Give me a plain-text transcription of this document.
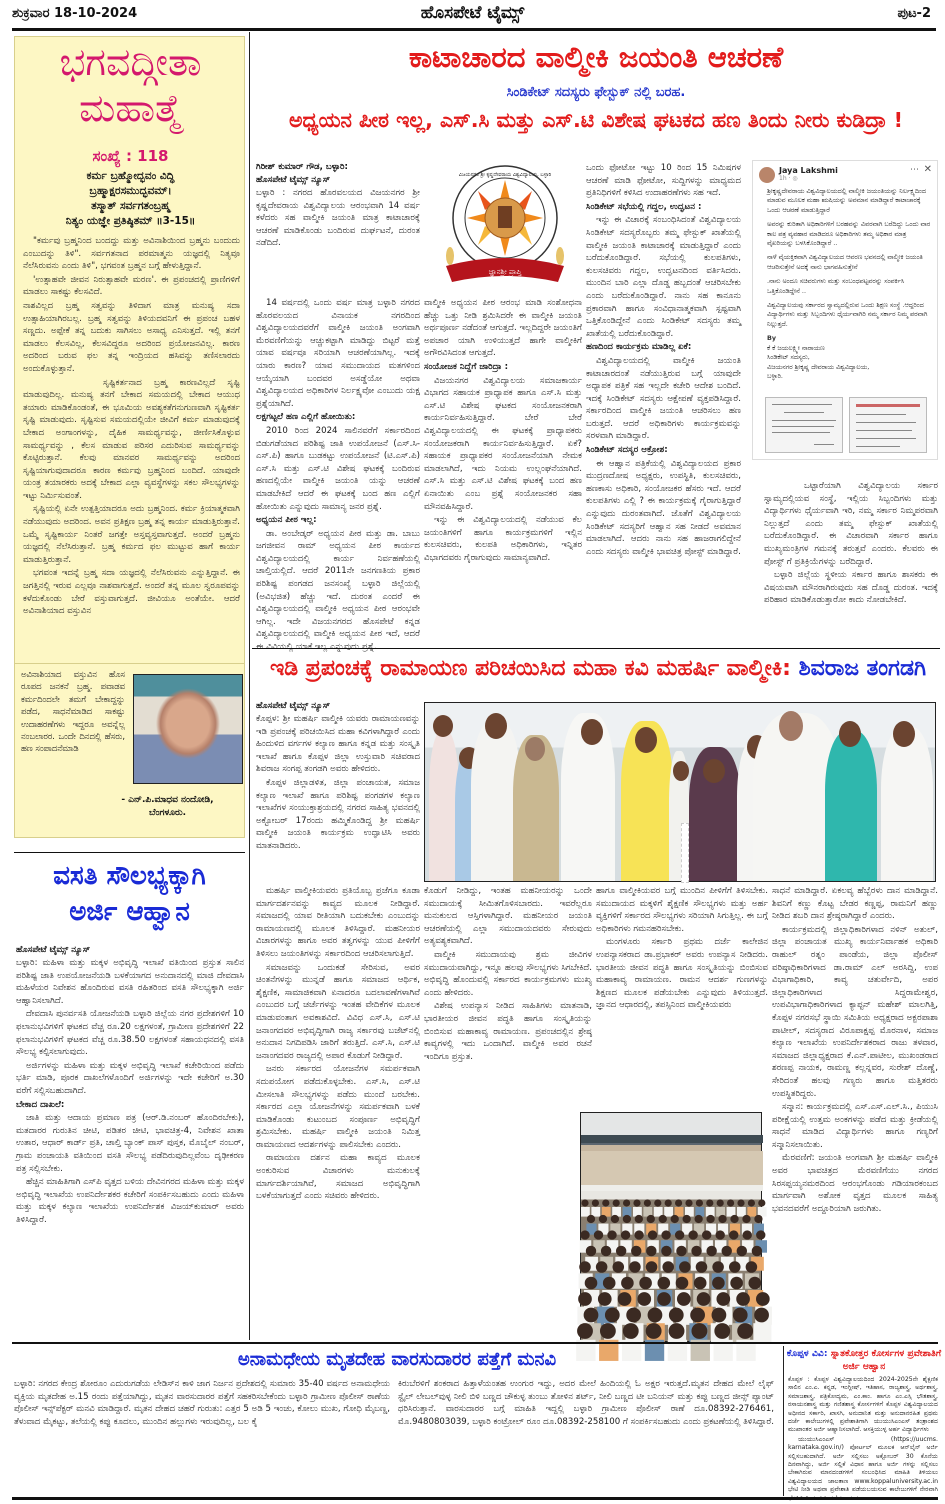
ಶುಕ್ರವಾರ 18-10-2024	ಹೊಸಪೇಟೆ ಟೈಮ್ಸ್	ಪುಟ-2
ಭಗವದ್ಗೀತಾ
ಮಹಾತ್ಮೆ
ಸಂಖ್ಯೆ : 118
ಕರ್ಮ ಬ್ರಹ್ಮೋದ್ಭವಂ ವಿದ್ಧಿ
ಬ್ರಹ್ಮಾಕ್ಷರಸಮುದ್ಭವಮ್।
ತಸ್ಮಾತ್ ಸರ್ವಗತಂಬ್ರಹ್ಮ
ನಿತ್ಯಂ ಯಜ್ಞೇ ಪ್ರತಿಷ್ಠಿತಮ್ ॥3-15॥

"ಕರ್ಮವು ಬ್ರಹ್ಮನಿಂದ ಬಂದದ್ದು ಮತ್ತು ಅವಿನಾಶಿಯಿಂದ ಬ್ರಹ್ಮನು ಬಂದುದು ಎಂಬುದನ್ನು ತಿಳಿ". ಸರ್ವಗತನಾದ ಪರಮಾತ್ಮನು ಯಜ್ಞದಲ್ಲಿ ನಿತ್ಯವೂ ನೆಲೆಸಿರುವನು ಎಂದು ತಿಳಿ", ಭಗವಂತ ಬ್ರಹ್ಮನ ಬಗ್ಗೆ ಹೇಳುತ್ತಿದ್ದಾನೆ.

'ಉತ್ಸಾಹವೇ ಜೀವನ ನಿರುತ್ಸಾಹವೇ ಮರಣ'. ಈ ಪ್ರಪಂಚದಲ್ಲಿ ಪ್ರಾಣಿಗಳಿಗೆ ಮಾಡಲು ಸಾಕಷ್ಟು ಕೆಲಸವಿದೆ.

ನಾಶವಿಲ್ಲದ ಬ್ರಹ್ಮ ಸತ್ವವನ್ನು ತಿಳಿದಾಗ ಮಾತ್ರ ಮನುಷ್ಯ ಸದಾ ಉತ್ಸಾಹಿಯಾಗಿರಬಲ್ಲ. ಬ್ರಹ್ಮ ಸತ್ವವನ್ನು ತಿಳಿಯದವನಿಗೆ ಈ ಪ್ರಪಂಚ ಬಹಳ ಸಣ್ಣದು. ಅಪ್ಪೇಕೆ ತನ್ನ ಬದುಕು ಸಾಗಿಸಲು ಅಸಾಧ್ಯ ಎನಿಸುತ್ತದೆ. ಇಲ್ಲಿ ತನಗೆ ಮಾಡಲು ಕೆಲಸವಿಲ್ಲ, ಕೆಲಸವಿದ್ದರೂ ಅದರಿಂದ ಪ್ರಯೋಜನವಿಲ್ಲ. ಕಾರಣ ಅದರಿಂದ ಬರುವ ಫಲ ತನ್ನ ಇಂದ್ರಿಯದ ಹಸಿವನ್ನು ತಣಿಸಲಾರದು ಅಂದುಕೊಳ್ಳುತ್ತಾನೆ.

ಸೃಷ್ಟಿಕರ್ತನಾದ ಬ್ರಹ್ಮ ಕಾರಣವಿಲ್ಲದೆ ಸೃಷ್ಟಿ ಮಾಡುವುದಿಲ್ಲ. ಮನುಷ್ಯ ತನಗೆ ಬೇಕಾದ ಸಮಯದಲ್ಲಿ ಬೇಕಾದ ಆಯುಧ ತಯಾರು ಮಾಡಿಕೊಂಡಂತೆ, ಈ ಭೂಮಿಯ ಅವಶ್ಯಕತೆಗನುಗುಣವಾಗಿ ಸೃಷ್ಟಿಕರ್ತ ಸೃಷ್ಟಿ ಮಾಡುವುದು. ಸೃಷ್ಟಿಸುವ ಸಮಯದಲ್ಲಿಯೇ ಜೀವಿಗೆ ಕರ್ಮ ಮಾಡುವುದಕ್ಕೆ ಬೇಕಾದ ಅಂಗಾಂಗಳನ್ನು, ದೈಹಿಕ ಸಾಮರ್ಥ್ಯವನ್ನು, ಜೀರ್ಣಿಸಿಕೊಳ್ಳುವ ಸಾಮರ್ಥ್ಯವನ್ನು , ಕೆಲಸ ಮಾಡುವ ಪರಿಸರ ಎದುರಿಸುವ ಸಾಮರ್ಥ್ಯವನ್ನು ಕೊಟ್ಟಿರುತ್ತಾನೆ. ಕೆಲವು ಮಾನವರ ಸಾಮರ್ಥ್ಯವನ್ನು ಅದರಿಂದ ಸೃಷ್ಟಿಯಾಗುವುದಾದರೂ ಕಾರಣ ಕರ್ಮವು ಬ್ರಹ್ಮನಿಂದ ಬಂದಿದೆ. ಯಾವುದೇ ಯಂತ್ರ ತಯಾರಕರು ಅದಕ್ಕೆ ಬೇಕಾದ ಎಲ್ಲಾ ವ್ಯವಸ್ಥೆಗಳನ್ನು ಸಕಲ ಸೌಲಭ್ಯಗಳನ್ನು ಇಟ್ಟು ನಿರ್ಮಿಸುವಂತೆ.

ಸೃಷ್ಟಿಯಲ್ಲಿ ಏನೇ ಉತ್ಪತ್ತಿಯಾದರೂ ಅದು ಬ್ರಹ್ಮನಿಂದ. ಕರ್ಮ ಕ್ರಿಯಾತ್ಮಕವಾಗಿ ನಡೆಯುವುದು ಅದರಿಂದ. ಅವನ ಪ್ರತಿಕ್ಷಣ ಬ್ರಹ್ಮ ತನ್ನ ಕಾರ್ಯ ಮಾಡುತ್ತಿರುತ್ತಾನೆ. ಒಮ್ಮೆ ಸೃಷ್ಟಿಕಾರ್ಯ ನಿಂತರೆ ಜಗತ್ತೇ ಅಸ್ತವ್ಯಸ್ತವಾಗುತ್ತದೆ. ಅಂದರೆ ಬ್ರಹ್ಮನು ಯಜ್ಞದಲ್ಲಿ ನೆಲೆಸಿರುತ್ತಾನೆ. ಬ್ರಹ್ಮ ಕರ್ಮದ ಫಲ ಮುಟ್ಟುವ ಹಾಗೆ ಕಾರ್ಯ ಮಾಡುತ್ತಿರುತ್ತಾನೆ.

ಭಗವಂತ ಇದನ್ನೆ ಬ್ರಹ್ಮ ಸದಾ ಯಜ್ಞದಲ್ಲಿ ನೆಲೆಸಿರುವನು ಎನ್ನುತ್ತಿದ್ದಾನೆ. ಈ ಜಗತ್ತಿನಲ್ಲಿ ಇರುವ ಎಲ್ಲವೂ ನಾಶವಾಗುತ್ತದೆ. ಅಂದರೆ ತನ್ನ ಮೂಲ ಸ್ವರೂಪವನ್ನು ಕಳೆದುಕೊಂಡು ಬೇರೆ ವಸ್ತುವಾಗುತ್ತದೆ. ಜೀವಿಯೂ ಅಂತೆಯೇ. ಆದರೆ ಅವಿನಾಶಿಯಾದ ವಸ್ತುವಿನ

ಅವಿನಾಶಿಯಾದ ವಸ್ತುವಿನ ಹೊಸ ರೂಪದ ಜನಕನೆ ಬ್ರಹ್ಮ. ಪವಾಡವ ಕರ್ಮದಿಂದಲೇ ತಮಗೆ ಬೇಕಾದ್ದನ್ನು ಪಡೆದ, ಸಾಧನೆಮಾಡಿದ ಸಾಕಷ್ಟು ಉದಾಹರಣೆಗಳು ಇದ್ದರೂ ಅವನ್ನೆಲ್ಲ ನಂಬಲಾರರ. ಒಂದೇ ದಿನದಲ್ಲಿ ಹೆಸರು, ಹಣ ಸಂಪಾದನೆಮಾಡಿ
- ಎನ್.ಪಿ.ಮಾಧವ ನಂದೋಡಿ,
ಬೆಂಗಳೂರು.
ವಸತಿ ಸೌಲಭ್ಯಕ್ಕಾಗಿ
ಅರ್ಜಿ ಆಹ್ವಾನ
ಹೊಸಪೇಟೆ ಟೈಮ್ಸ್ ನ್ಯೂಸ್

ಬಳ್ಳಾರಿ: ಮಹಿಳಾ ಮತ್ತು ಮಕ್ಕಳ ಅಭಿವೃದ್ಧಿ ಇಲಾಖೆ ವತಿಯಿಂದ ಪ್ರಸ್ತುತ ಸಾಲಿನ ಪರಿಶಿಷ್ಟ ಜಾತಿ ಉಪಯೋಜನೆಯಡಿ ಬಳಕೆಯಾಗದ ಅನುದಾನದಲ್ಲಿ ಮಾಜಿ ದೇವದಾಸಿ ಮಹಿಳೆಯರ ನಿವೇಶನ ಹೊಂದಿರುವ ವಸತಿ ರಹಿತರಿಂದ ವಸತಿ ಸೌಲಭ್ಯಕ್ಕಾಗಿ ಅರ್ಜಿ ಆಹ್ವಾನಿಸಲಾಗಿದೆ.

ದೇವದಾಸಿ ಪುನರ್ವಸತಿ ಯೋಜನೆಯಡಿ ಬಳ್ಳಾರಿ ಜಿಲ್ಲೆಯ ನಗರ ಪ್ರದೇಶಗಳಿಗೆ 10 ಫಲಾನುಭವಿಗಳಿಗೆ ಘಟಕದ ವೆಚ್ಚ ರೂ.20 ಲಕ್ಷಗಳಂತೆ, ಗ್ರಾಮೀಣ ಪ್ರದೇಶಗಳಿಗೆ 22 ಫಲಾನುಭವಿಗಳಿಗೆ ಘಟಕದ ವೆಚ್ಚ ರೂ.38.50 ಲಕ್ಷಗಳಂತೆ ಸಹಾಯಧನದಲ್ಲಿ ವಸತಿ ಸೌಲಭ್ಯ ಕಲ್ಪಿಸಲಾಗುವುದು.

ಅರ್ಜಿಗಳನ್ನು ಮಹಿಳಾ ಮತ್ತು ಮಕ್ಕಳ ಅಭಿವೃದ್ಧಿ ಇಲಾಖೆ ಕಚೇರಿಯಿಂದ ಪಡೆದು ಭರ್ತಿ ಮಾಡಿ, ಪೂರಕ ದಾಖಲೆಗಳೊಂದಿಗೆ ಅರ್ಜಿಗಳನ್ನು ಇದೇ ಕಚೇರಿಗೆ ಅ.30 ವರೆಗೆ ಸಲ್ಲಿಸಬಹುದಾಗಿದೆ.

ಬೇಕಾದ ದಾಖಲೆ:

ಜಾತಿ ಮತ್ತು ಆದಾಯ ಪ್ರಮಾಣ ಪತ್ರ (ಆರ್.ಡಿ.ನಂಬರ್ ಹೊಂದಿರಬೇಕು), ಮತದಾರರ ಗುರುತಿನ ಚೀಟಿ, ಪಡಿತರ ಚೀಟಿ, ಭಾವಚಿತ್ರ-4, ನಿವೇಶನ ಖಾತಾ ಉತಾರ, ಆಧಾರ್ ಕಾರ್ಡ್ ಪ್ರತಿ, ಚಾಲ್ತಿ ಬ್ಯಾಂಕ್ ಪಾಸ್ ಪುಸ್ತಕ, ಮೊಬೈಲ್ ನಂಬರ್, ಗ್ರಾಮ ಪಂಚಾಯತಿ ವತಿಯಿಂದ ವಸತಿ ಸೌಲಭ್ಯ ಪಡೆದಿರುವುದಿಲ್ಲವೆಂಬ ದೃಢೀಕರಣ ಪತ್ರ ಸಲ್ಲಿಸಬೇಕು.

ಹೆಚ್ಚಿನ ಮಾಹಿತಿಗಾಗಿ ಎಸ್‌ಪಿ ವೃತ್ತದ ಬಳಿಯ ದೇವಿನಗರದ ಮಹಿಳಾ ಮತ್ತು ಮಕ್ಕಳ ಅಭಿವೃದ್ಧಿ ಇಲಾಖೆಯ ಉಪನಿರ್ದೇಶಕರ ಕಚೇರಿಗೆ ಸಂಪರ್ಕಿಸಬಹುದು ಎಂದು ಮಹಿಳಾ ಮತ್ತು ಮಕ್ಕಳ ಕಲ್ಯಾಣ ಇಲಾಖೆಯ ಉಪನಿರ್ದೇಶಕ ವಿಜಯ್‌ಕುಮಾರ್ ಅವರು ತಿಳಿಸಿದ್ದಾರೆ.

ಕಾಟಾಚಾರದ ವಾಲ್ಮೀಕಿ ಜಯಂತಿ ಆಚರಣೆ
ಸಿಂಡಿಕೇಟ್ ಸದಸ್ಯರು ಫೇಸ್ಬುಕ್ ನಲ್ಲಿ ಬರಹ.
ಅಧ್ಯಯನ ಪೀಠ ಇಲ್ಲ, ಎಸ್.ಸಿ ಮತ್ತು ಎಸ್.ಟಿ ವಿಶೇಷ ಘಟಕದ ಹಣ ತಿಂದು ನೀರು ಕುಡಿದ್ರಾ !
ಗಿರೀಶ್ ಕುಮಾರ್ ಗೌಡ, ಬಳ್ಳಾರಿ:
ಹೊಸಪೇಟೆ ಟೈಮ್ಸ್ ನ್ಯೂಸ್

ಬಳ್ಳಾರಿ : ನಗರದ ಹೊರವಲಯದ ವಿಜಯನಗರ ಶ್ರೀ ಕೃಷ್ಣದೇವರಾಯ ವಿಶ್ವವಿದ್ಯಾಲಯ ಆರಂಭವಾಗಿ 14 ವರ್ಷ ಕಳೆದರು ಸಹ ವಾಲ್ಮೀಕಿ ಜಯಂತಿ ಮಾತ್ರ ಕಾಟಾಚಾರಕ್ಕೆ ಆಚರಣೆ ಮಾಡಿಕೊಂಡು ಬಂದಿರುವ ದುರ್ಘಟನೆ, ದುರಂತ ನಡೆದಿದೆ.

ವಿಜಯನಗರ ಶ್ರೀ ಕೃಷ್ಣದೇವರಾಯ ವಿಶ್ವವಿದ್ಯಾಲಯ, ಬಳ್ಳಾರಿ
ಜ್ಞಾನಶ್ರೀ ಪ್ರಾಪ್ತಿ

14 ವರ್ಷದಲ್ಲಿ ಒಂದು ವರ್ಷ ಮಾತ್ರ ಬಳ್ಳಾರಿ ನಗರದ ಹೊರವಲಯದ ವಿನಾಯಕ ನಗರದಿಂದ ವಿಶ್ವವಿದ್ಯಾಲಯದವರೆಗೆ ವಾಲ್ಮೀಕಿ ಜಯಂತಿ ಅಂಗವಾಗಿ ಮೆರವಣಿಗೆಯನ್ನು ಆಚ್ಚುಕಟ್ಟಾಗಿ ಮಾಡಿದ್ದು ಬಿಟ್ಟರೆ ಮತ್ತೆ ಯಾವ ವರ್ಷವೂ ಸರಿಯಾಗಿ ಆಚರಣೆಯಾಗಿಲ್ಲ. ಇದಕ್ಕೆ ಯಾರು ಕಾರಣ? ಯಾವ ಸಮುದಾಯದ ಮತಗಳಿಂದ ಆಯ್ಕೆಯಾಗಿ ಬಂದವರ ಅಸಡ್ಡೆಯೋ ಅಥವಾ ವಿಶ್ವವಿದ್ಯಾಲಯದ ಅಧಿಕಾರಿಗಳ ನಿರ್ಲಕ್ಷ್ಯವೋ ಎಂಬುದು ಯಕ್ಷ ಪ್ರಶ್ನೆಯಾಗಿದೆ.

ಲಕ್ಷಗಟ್ಟಲೆ ಹಣ ಎಲ್ಲಿಗೆ ಹೋಯಿತು:

2010 ರಿಂದ 2024 ಸಾಲಿನವರೆಗೆ ಸರ್ಕಾರದಿಂದ ಬಿಡುಗಡೆಯಾದ ಪರಿಶಿಷ್ಟ ಜಾತಿ ಉಪಯೋಜನೆ (ಎಸ್.ಸಿ-ಎಸ್.ಪಿ) ಹಾಗೂ ಬುಡಕಟ್ಟು ಉಪಯೋಜನೆ (ಟಿ.ಎಸ್.ಪಿ) ಎಸ್.ಸಿ ಮತ್ತು ಎಸ್.ಟಿ ವಿಶೇಷ ಘಟಕಕ್ಕೆ ಬಂದಿರುವ ಹಣದಲ್ಲಿಯೇ ವಾಲ್ಮೀಕಿ ಜಯಂತಿ ಯನ್ನು ಆಚರಣೆ ಮಾಡಬೇಕಿದೆ ಆದರೆ ಈ ಘಟಕಕ್ಕೆ ಬಂದ ಹಣ ಎಲ್ಲಿಗೆ ಹೋಯಿತು ಎನ್ನುವುದು ಸಾಮಾನ್ಯ ಜನರ ಪ್ರಶ್ನೆ.

ಅಧ್ಯಯನ ಪೀಠ ಇಲ್ಲ:

ಡಾ. ಅಂಬೇಡ್ಕರ್ ಅಧ್ಯಯನ ಪೀಠ ಮತ್ತು ಡಾ. ಬಾಬು ಜಗಜೀವನ ರಾಮ್ ಅಧ್ಯಯನ ಪೀಠ ಕಾರ್ಯದ ವಿಶ್ವವಿದ್ಯಾಲಯದಲ್ಲಿ ಕಾರ್ಯ ನಿರ್ವಹಣೆಯಲ್ಲಿ ಚಾಲ್ತಿಯಲ್ಲಿದೆ. ಆದರೆ 2011ನೇ ಜನಗಣತಿಯ ಪ್ರಕಾರ ಪರಿಶಿಷ್ಟ ಪಂಗಡದ ಜನಸಂಖ್ಯೆ ಬಳ್ಳಾರಿ ಜಿಲ್ಲೆಯಲ್ಲಿ (ಅವಿಭಜಿತ) ಹೆಚ್ಚು ಇದೆ. ದುರಂತ ಎಂದರೆ ಈ ವಿಶ್ವವಿದ್ಯಾಲಯದಲ್ಲಿ ವಾಲ್ಮೀಕಿ ಅಧ್ಯಯನ ಪೀಠ ಆರಂಭವೇ ಆಗಿಲ್ಲ. ಇದೇ ವಿಜಯನಗರದ ಹೊಸಪೇಟೆ ಕನ್ನಡ ವಿಶ್ವವಿದ್ಯಾಲಯದಲ್ಲಿ ವಾಲ್ಮೀಕಿ ಅಧ್ಯಯನ ಪೀಠ ಇದೆ, ಆದರೆ

ವಾಲ್ಮೀಕಿ ಅಧ್ಯಯನ ಪೀಠ ಆರಂಭ ಮಾಡಿ ಸಂಶೋಧನಾ ಹೆಚ್ಚು ಒತ್ತು ನೀಡಿ ಶ್ರಮಿಸಿದರೇ ಈ ವಾಲ್ಮೀಕಿ ಜಯಂತಿ ಅರ್ಥಪೂರ್ಣ ನಡೆದಂತೆ ಆಗುತ್ತದೆ. ಇಲ್ಲದಿದ್ದರೇ ಜಯಂತಿಗೆ ಅಪಚಾರ ಯಾಗಿ ಉಳಿಯುತ್ತದೆ ಹಾಗೇ ವಾಲ್ಮೀಕಿಗೆ ಅಗೌರವಿಸಿದಂತ ಆಗುತ್ತದೆ.

ಸಂಯೋಜಕ ನಿದ್ದೆಗೆ ಜಾರಿದ್ರಾ :

ವಿಜಯನಗರ ವಿಶ್ವವಿದ್ಯಾಲಯ ಸಮಾಜಕಾರ್ಯ ವಿಭಾಗದ ಸಹಾಯಕ ಪ್ರಾಧ್ಯಾಪಕ ಹಾಗೂ ಎಸ್.ಸಿ ಮತ್ತು ಎಸ್.ಟಿ ವಿಶೇಷ ಘಟಕದ ಸಂಯೋಜನಕರಾಗಿ ಕಾರ್ಯನಿರ್ವಹಿಸುತ್ತಿದ್ದಾರೆ. ಬೇರೆ ಬೇರೆ ವಿಶ್ವವಿದ್ಯಾಲಯದಲ್ಲಿ ಈ ಘಟಕಕ್ಕೆ ಪ್ರಾಧ್ಯಾಪಕರು ಸಂಯೋಜಕರಾಗಿ ಕಾರ್ಯನಿರ್ವಹಿಸುತ್ತಿದ್ದಾರೆ. ಏಕೆ? ಸಹಾಯಕ ಪ್ರಾಧ್ಯಾಪಕರ ಸಂಯೋಜನೆಯಾಗಿ ನೇಮಕ ಮಾಡಲಾಗಿದೆ, ಇದು ನಿಯಮ ಉಲ್ಲಂಘನೆಯಾಗಿದೆ. ಎಸ್.ಸಿ ಮತ್ತು ಎಸ್.ಟಿ ವಿಶೇಷ ಘಟಕಕ್ಕೆ ಬಂದ ಹಣ ಏನಾಯಿತು ಎಂಬ ಪ್ರಶ್ನೆ ಸಂಯೋಜನಕರ ಸಹಾ ಮೌನವಹಿಸಿದ್ದಾರೆ.

ಇನ್ನು ಈ ವಿಶ್ವವಿದ್ಯಾಲಯದಲ್ಲಿ ನಡೆಯುವ ಕೆಲ ಜಯಂತಿಗಳಿಗೆ ಹಾಗೂ ಕಾರ್ಯಕ್ರಮಗಳಿಗೆ ಇಲ್ಲಿನ ಕುಲಸಚಿವರು, ಕುಲಪತಿ ಅಧಿಕಾರಿಗಳು, ಇನ್ನಿತರ ವಿಭಾಗದವರು ಗೈರಾಗುವುದು ಸಾಮಾನ್ಯವಾಗಿದೆ.

ಒಂದು ಫೋಟೋ ಇಟ್ಟು 10 ರಿಂದ 15 ನಿಮಿಷಗಳ ಆಚರಣೆ ಮಾಡಿ ಫೋಟೋ, ಸುದ್ದಿಗಳನ್ನು ಮಾಧ್ಯಮದ ಪ್ರತಿನಿಧಿಗಳಿಗೆ ಕಳಿಸಿದ ಉದಾಹರಣೆಗಳು ಸಹ ಇದೆ.

ಸಿಂಡಿಕೇಟ್ ಸಭೆಯಲ್ಲಿ ಗದ್ದಲ, ಉದ್ಘಟನ :

ಇನ್ನು ಈ ವಿಚಾರಕ್ಕೆ ಸಂಬಂಧಿಸಿದಂತೆ ವಿಶ್ವವಿದ್ಯಾಲಯ ಸಿಂಡಿಕೇಟ್ ಸದಸ್ಯರೊಬ್ಬರು ತಮ್ಮ ಫೇಸ್ಬುಕ್ ಖಾತೆಯಲ್ಲಿ ವಾಲ್ಮೀಕಿ ಜಯಂತಿ ಕಾಟಾಚಾರಕ್ಕೆ ಮಾಡುತ್ತಿದ್ದಾರೆ ಎಂದು ಬರೆದುಕೊಂಡಿದ್ದಾರೆ. ಸಭೆಯಲ್ಲಿ ಕುಲಪತಿಗಳು, ಕುಲಸಚಿವರು ಗದ್ದಲ, ಉದ್ಘಟನದಿಂದ ವರ್ತಿಸಿದರು. ಮುಂದಿನ ಬಾರಿ ಎಲ್ಲಾ ದೊಡ್ಡ ಹಬ್ಬದಂತೆ ಆಚರಿಸಬೇಕು ಎಂದು ಬರೆದುಕೊಂಡಿದ್ದಾರೆ. ನಾನು ಸಹ ಕಾನೂನು ಪ್ರಕಾರವಾಗಿ ಹಾಗೂ ಸಂವಿಧಾನಾತ್ಮಕವಾಗಿ ಸ್ಪಷ್ಟವಾಗಿ ಒತ್ತಿಕೊಂಡಿದ್ದೇನೆ ಎಂದು ಸಿಂಡಿಕೇಟ್ ಸದಸ್ಯರು ತಮ್ಮ ಖಾತೆಯಲ್ಲಿ ಬರೆದುಕೊಂಡಿದ್ದಾರೆ.

ಹಣದಿಂದ ಕಾರ್ಯಕ್ರಮ ಮಾಡಿಲ್ಲ ಏಕೆ:

ವಿಶ್ವವಿದ್ಯಾಲಯದಲ್ಲಿ ವಾಲ್ಮೀಕಿ ಜಯಂತಿ ಕಾಟಾಚಾರದಂತೆ ನಡೆಯುತ್ತಿರುವ ಬಗ್ಗೆ ಯಾವುದೇ ಅಧ್ಯಾಪಕ ಪತ್ರಿಕೆ ಸಹ ಇಲ್ಲದೇ ಕಚೇರಿ ಆದೇಶ ಬಂದಿದೆ. ಇದಕ್ಕೆ ಸಿಂಡಿಕೇಟ್ ಸದಸ್ಯರು ಆಕ್ಷೇಪಣೆ ವ್ಯಕ್ತಪಡಿಸಿದ್ದಾರೆ. ಸರ್ಕಾರದಿಂದ ವಾಲ್ಮೀಕಿ ಜಯಂತಿ ಆಚರಿಸಲು ಹಣ ಬರುತ್ತದೆ. ಆದರೆ ಅಧಿಕಾರಿಗಳು ಕಾರ್ಯಕ್ರಮವನ್ನು ಸರಳವಾಗಿ ಮಾಡಿದ್ದಾರೆ.

ಸಿಂಡಿಕೇಟ್ ಸದಸ್ಯರ ಆಕ್ರೋಶ:

ಈ ಆಹ್ವಾನ ಪತ್ರಿಕೆಯಲ್ಲಿ ವಿಶ್ವವಿದ್ಯಾಲಯದ ಪ್ರಕಾರ ಮುದ್ರಣದೋಷ ಅಧ್ಯಕ್ಷರು, ಉಪಸ್ಥಿತಿ, ಕುಲಸಚಿವರು, ಹಣಕಾಸು ಅಧಿಕಾರಿ, ಸಂಯೋಜಕರ ಹೆಸರು ಇದೆ. ಆದರೆ ಕುಲಪತಿಗಳು ಎಲ್ಲಿ ? ಈ ಕಾರ್ಯಕ್ರಮಕ್ಕೆ ಗೈರಾಗುತ್ತಿದ್ದಾರೆ ಎನ್ನುವುದು ದುರಂತವಾಗಿದೆ. ಜೊತೆಗೆ ವಿಶ್ವವಿದ್ಯಾಲಯ ಸಿಂಡಿಕೇಟ್ ಸದಸ್ಯರಿಗೆ ಆಹ್ವಾನ ಸಹ ನೀಡದೆ ಅವಮಾನ ಮಾಡಲಾಗಿದೆ. ಆದರು ನಾನು ಸಹ ಹಾಜರಾಗಲಿದ್ದೇನೆ ಎಂದು ಸದಸ್ಯರು ವಾಲ್ಮೀಕಿ ಭಾವಚಿತ್ರ ಪೋಸ್ಟ್ ಮಾಡಿದ್ದಾರೆ.

Jaya Lakshmi
1h · ◎
⋯ ✕

ಶ್ರೀಕೃಷ್ಣದೇವರಾಯ ವಿಶ್ವವಿದ್ಯಾಲಯದಲ್ಲಿ ವಾಲ್ಮೀಕಿ ಜಯಂತಿಯನ್ನು ನಿರ್ಲಕ್ಷ್ಯದಿಂದ ಮಾಡುವ ಮೂಲಕ ಮಹಾ ಋಷಿಯನ್ನು ಅವಮಾನ ಮಾಡಿದ್ದಾರೆ ಕಾಟಾಚಾರಕ್ಕೆ ಒಂದು ಆಚರಣೆ ಮಾಡುತ್ತಿದ್ದಾರೆ

ಅವರನ್ನು ಕುರಿತಾಗಿ ಅಧಿಕಾರಿಗಳಿಗೆ ಬರಹವನ್ನು ವಿವರವಾಗಿ ಬರೆದಿದ್ದು ಒಂದು ವಾರ ಕಾಲ ಪತ್ರ ವ್ಯವಹಾರ ಮಾಡಿದರೂ ಅಧಿಕಾರಿಗಳು ತಮ್ಮ ಅಧಿಕಾರ ಮಾತ್ರ ವೈಖರಿಯನ್ನು ಬಳಸಿಕೊಂಡಿದ್ದಾರೆ ..

ನಾಳೆ ವೈಯಕ್ತಿಕವಾಗಿ ವಿಶ್ವವಿದ್ಯಾಲಯದ ಆವರಣ ಭವನದಲ್ಲಿ ವಾಲ್ಮೀಕಿ ಜಯಂತಿ ಆಚರಿಸುತ್ತೇನೆ ಅದಕ್ಕೆ ನಾನು ಭಾಗವಹಿಸುತ್ತೇನೆ

.ನಾನು ಅಂದೂ ಸಚಿವರುಗಳು ಮತ್ತು ಸಂಬಂಧಪಟ್ಟವರನ್ನು ಸಂಪರ್ಕಿಸಿ ಒತ್ತಿಕೊಂಡಿದ್ದೇನೆ ..

ವಿಶ್ವವಿದ್ಯಾಲಯವು ಸರ್ಕಾರದ ಸ್ವಾಮ್ಯದಲ್ಲಿರುವ ಒಂದು ಶಿಕ್ಷಣ ಸಂಸ್ಥೆ .ಆದ್ದರಿಂದ ವಿದ್ಯಾರ್ಥಿಗಳು ಮತ್ತು ಸಿಬ್ಬಂದಿಗಳು ಧೈರ್ಯವಾಗಿರಿ ನಮ್ಮ ಸರ್ಕಾರ ನಿಮ್ಮ ಪರವಾಗಿ ನಿಲ್ಲುತ್ತದೆ.

By
ಕೆ ಕೆ ಜಯಲಕ್ಷ್ಮೀ ನಾರಾಯಣ
ಸಿಂಡಿಕೇಟ್ ಸದಸ್ಯರು,
ವಿಜಯನಗರ ಶ್ರೀಕೃಷ್ಣ ದೇವರಾಯ ವಿಶ್ವವಿದ್ಯಾಲಯ,
ಬಳ್ಳಾರಿ.

ಒಟ್ಟಾರೆಯಾಗಿ ವಿಶ್ವವಿದ್ಯಾಲಯ ಸರ್ಕಾರ ಸ್ವಾಮ್ಯದಲ್ಲಿಯವ ಸಂಸ್ಥೆ, ಇಲ್ಲಿಯ ಸಿಬ್ಬಂದಿಗಳು ಮತ್ತು ವಿದ್ಯಾರ್ಥಿಗಳು ಧೈರ್ಯವಾಗಿ ಇರಿ, ನಮ್ಮ ಸರ್ಕಾರ ನಿಮ್ಮಪರವಾಗಿ ನಿಲ್ಲುತ್ತದೆ ಎಂದು ತಮ್ಮ ಫೇಸ್ಬುಕ್ ಖಾತೆಯಲ್ಲಿ ಬರೆದುಕೊಂಡಿದ್ದಾರೆ. ಈ ವಿಚಾರವಾಗಿ ಸರ್ಕಾರ ಹಾಗೂ ಮುಖ್ಯಮಂತ್ರಿಗಳ ಗಮನಕ್ಕೆ ತರುತ್ತವೆ ಎಂದರು. ಕೆಲವರು ಈ ಪೋಸ್ಟ್ ಗೆ ಪ್ರತಿಕ್ರಿಯೆಗಳನ್ನು ಬರೆದಿದ್ದಾರೆ.

ಬಳ್ಳಾರಿ ಜಿಲ್ಲೆಯ ಸ್ಥಳೀಯ ಸರ್ಕಾರ ಹಾಗೂ ಶಾಸಕರು ಈ ವಿಷಯವಾಗಿ ಮೌನರಾಗಿರುವುದು ಸಹ ದೊಡ್ಡ ದುರಂತ. ಇದಕ್ಕೆ ಪರಿಹಾರ ಮಾಡಿಕೊಡುತ್ತಾರೋ ಕಾದು ನೋಡಬೇಕಿದೆ.

ಇಡಿ ಪ್ರಪಂಚಕ್ಕೆ ರಾಮಾಯಣ ಪರಿಚಯಿಸಿದ ಮಹಾ ಕವಿ ಮಹರ್ಷಿ ವಾಲ್ಮೀಕಿ: ಶಿವರಾಜ ತಂಗಡಗಿ
ಹೊಸಪೇಟೆ ಟೈಮ್ಸ್ ನ್ಯೂಸ್

ಕೊಪ್ಪಳ: ಶ್ರೀ ಮಹರ್ಷಿ ವಾಲ್ಮೀಕಿ ಯವರು ರಾಮಾಯಣವನ್ನು ಇಡಿ ಪ್ರಪಂಚಕ್ಕೆ ಪರಿಚಯಿಸಿದ ಮಹಾ ಕವಿಗಳಾಗಿದ್ದಾರೆ ಎಂದು ಹಿಂದುಳಿದ ವರ್ಗಗಳ ಕಲ್ಯಾಣ ಹಾಗೂ ಕನ್ನಡ ಮತ್ತು ಸಂಸ್ಕೃತಿ ಇಲಾಖೆ ಹಾಗೂ ಕೊಪ್ಪಳ ಜಿಲ್ಲಾ ಉಸ್ತುವಾರಿ ಸಚಿವರಾದ ಶಿವರಾಜ ಸಂಗಪ್ಪ ತಂಗಡಗಿ ಅವರು ಹೇಳಿದರು.

ಕೊಪ್ಪಳ ಜಿಲ್ಲಾಡಳಿತ, ಜಿಲ್ಲಾ ಪಂಚಾಯತ, ಸಮಾಜ ಕಲ್ಯಾಣ ಇಲಾಖೆ ಹಾಗೂ ಪರಿಶಿಷ್ಟ ಪಂಗಡಗಳ ಕಲ್ಯಾಣ ಇಲಾಖೆಗಳ ಸಂಯುಕ್ತಾಶ್ರಯದಲ್ಲಿ ನಗರದ ಸಾಹಿತ್ಯ ಭವನದಲ್ಲಿ ಅಕ್ಟೋಬರ್ 17ರಂದು ಹಮ್ಮಿಕೊಂಡಿದ್ದ ಶ್ರೀ ಮಹರ್ಷಿ ವಾಲ್ಮೀಕಿ ಜಯಂತಿ ಕಾರ್ಯಕ್ರಮ ಉದ್ಘಾಟಿಸಿ ಅವರು ಮಾತನಾಡಿದರು.

ಮಹರ್ಷಿ ವಾಲ್ಮೀಕಿಯವರು ಪ್ರತಿಯೊಬ್ಬ ಪ್ರಜೆಗೂ ಕೂಡಾ ಮಾರ್ಗದರ್ಶನವನ್ನು ಕಾವ್ಯದ ಮೂಲಕ ನೀಡಿದ್ದಾರೆ. ಸಮಾಜದಲ್ಲಿ ಯಾವ ರೀತಿಯಾಗಿ ಬದುಕಬೇಕು ಎಂಬುದನ್ನು ರಾಮಾಯಣದಲ್ಲಿ ಮೂಲಕ ತಿಳಿಸಿದ್ದಾರೆ. ಮಹನೀಯರ ವಿಚಾರಗಳನ್ನು ಹಾಗೂ ಅವರ ತತ್ವಗಳನ್ನು ಯುವ ಪೀಳಿಗೆಗೆ ತಿಳಿಸಲು ಜಯಂತಿಗಳನ್ನು ಸರ್ಕಾರದಿಂದ ಆಚರಿಸಲಾಗುತ್ತಿದೆ.

ಸಮಾಜವನ್ನು ಒಂದುಕಡೆ ಸೇರಿಸುವ, ಅವರ ಚಿಂತನೆಗಳನ್ನು ಮುನ್ನಡೆ ಹಾಗೂ ಸಮಾಜದ ಆರ್ಥಿಕ, ಶೈಕ್ಷಣಿಕ, ಸಾಮಾಜಿಕವಾಗಿ ಏನಾದರೂ ಬದಲಾವಣೆಗಳಾಗಿವೆ ಎಂಬುದರ ಬಗ್ಗೆ ಚರ್ಚೆಗಳನ್ನು ಇಂತಹ ವೇದಿಕೆಗಳ ಮೂಲಕ ಮಾಡುವಂತಾಗ ಅವಕಾಶವಿದೆ. ವಿವಿಧ ಎಸ್.ಸಿ, ಎಸ್.ಟಿ ಜನಾಂಗದವರ ಅಭಿವೃದ್ಧಿಗಾಗಿ ರಾಜ್ಯ ಸರ್ಕಾರವು ಬಜೆಟ್‌ನಲ್ಲಿ ಅನುದಾನ ನಿಗದಿಪಡಿಸಿ ಜಾರಿಗೆ ತರುತ್ತಿದೆ. ಎಸ್.ಸಿ, ಎಸ್.ಟಿ ಜನಾಂಗದವರ ರಾಜ್ಯದಲ್ಲಿ ಅಪಾರ ಕೊಡುಗೆ ನೀಡಿದ್ದಾರೆ.

ಜನರು ಸರ್ಕಾರದ ಯೋಜನೆಗಳ ಸಮರ್ಪಕವಾಗಿ ಸದುಪಯೋಗ ಪಡೆದುಕೊಳ್ಳಬೇಕು. ಎಸ್.ಸಿ, ಎಸ್.ಟಿ ಮೀಸಲಾತಿ ಸೌಲಭ್ಯಗಳನ್ನು ಪಡೆದು ಮುಂದೆ ಬರಬೇಕು. ಸರ್ಕಾರದ ಎಲ್ಲಾ ಯೋಜನೆಗಳನ್ನು ಸಮರ್ಪಕವಾಗಿ ಬಳಕೆ ಮಾಡಿಕೊಂಡು ಕುಟುಂಬದ ಸಂಪೂರ್ಣ ಅಭಿವೃದ್ಧಿಗೆ ಶ್ರಮಿಸಬೇಕು. ಮಹರ್ಷಿ ವಾಲ್ಮೀಕಿ ಜಯಂತಿ ನಿಮಿತ್ತ ರಾಮಾಯಣದ ಆದರ್ಶಗಳನ್ನು ಪಾಲಿಸಬೇಕು ಎಂದರು.

ರಾಮಾಯಣ ದರ್ಶನ ಮಹಾ ಕಾವ್ಯದ ಮೂಲಕ ಅಂಕುರಿಸುವ ವಿಚಾರಗಳು ಮನುಕುಲಕ್ಕೆ ಮಾರ್ಗದರ್ಶಿಯಾಗಿವೆ, ಸಮಾಜದ ಅಭಿವೃದ್ಧಿಗಾಗಿ ಬಳಕೆಯಾಗುತ್ತದೆ ಎಂದು ಸಚಿವರು ಹೇಳಿದರು.

ಕೊಡುಗೆ ನೀಡಿದ್ದು, ಇಂತಹ ಮಹನೀಯರನ್ನು ಒಂದೇ ಸಮುದಾಯಕ್ಕೆ ಸೀಮಿತಗೊಳಿಸಬಾರದು. ಇವರೆಲ್ಲರೂ ಮನುಕುಲದ ಆಸ್ತಿಗಳಾಗಿದ್ದಾರೆ. ಮಹನೀಯರ ಜಯಂತಿ ಆಚರಣೆಯಲ್ಲಿ ಎಲ್ಲಾ ಸಮುದಾಯದವರು ಸೇರುವುದು ಅತ್ಯವಶ್ಯಕವಾಗಿದೆ.

ವಾಲ್ಮೀಕಿ ಸಮುದಾಯವು ಶ್ರಮ ಜೀವಿಗಳ ಸಮುದಾಯವಾಗಿದ್ದು, ಇನ್ನೂ ಹಲವು ಸೌಲಭ್ಯಗಳು ಸಿಗಬೇಕಿದೆ. ಅಭಿವೃದ್ಧಿ ಹೊಂದುವಲ್ಲಿ ಸರ್ಕಾರದ ಕಾರ್ಯಕ್ರಮಗಳು ಮುಖ್ಯ ಎಂದು ಹೇಳಿದರು.

ವಿಶೇಷ ಉಪನ್ಯಾಸ ನೀಡಿದ ಸಾಹಿತಿಗಳು ಮಾತನಾಡಿ, ಭಾರತೀಯರ ಜೀವನ ಪದ್ಧತಿ ಹಾಗೂ ಸಂಸ್ಕೃತಿಯನ್ನು ಬಿಂಬಿಸುವ ಮಹಾಕಾವ್ಯ ರಾಮಾಯಣ. ಪ್ರಪಂಚದಲ್ಲಿನ ಶ್ರೇಷ್ಠ ಕಾವ್ಯಗಳಲ್ಲಿ ಇದು ಒಂದಾಗಿದೆ. ವಾಲ್ಮೀಕಿ ಅವರ ರಚನೆ ಇಂದಿಗೂ ಪ್ರಸ್ತುತ.

ಹಾಗೂ ವಾಲ್ಮೀಕಿಯವರ ಬಗ್ಗೆ ಮುಂದಿನ ಪೀಳಿಗೆಗೆ ತಿಳಿಸಬೇಕು. ಸಮುದಾಯದ ಮಕ್ಕಳಿಗೆ ಶೈಕ್ಷಣಿಕ ಸೌಲಭ್ಯಗಳು ಮತ್ತು ಅರ್ಹ ವ್ಯಕ್ತಿಗಳಿಗೆ ಸರ್ಕಾರದ ಸೌಲಭ್ಯಗಳು ಸರಿಯಾಗಿ ಸಿಗುತ್ತಿಲ್ಲ. ಈ ಬಗ್ಗೆ ಅಧಿಕಾರಿಗಳು ಗಮನಹರಿಸಬೇಕು.

ಮಂಗಳೂರು ಸರ್ಕಾರಿ ಪ್ರಥಮ ದರ್ಜೆ ಕಾಲೇಜಿನ ಉಪನ್ಯಾಸಕರಾದ ಡಾ.ಪ್ರಭಾಕರ್ ಅವರು ಉಪನ್ಯಾಸ ನೀಡಿದರು. ಭಾರತೀಯ ಜೀವನ ಪದ್ಧತಿ ಹಾಗೂ ಸಂಸ್ಕೃತಿಯನ್ನು ಬಿಂಬಿಸುವ ಮಹಾಕಾವ್ಯ ರಾಮಾಯಣ. ರಾಮನ ಆದರ್ಶ ಗುಣಗಳನ್ನು ಶಿಕ್ಷಣದ ಮೂಲಕ ಪಡೆಯಬೇಕು ಎನ್ನುವುದು ತಿಳಿಯುತ್ತದೆ. ಜ್ಞಾನದ ಆಧಾರದಲ್ಲಿ, ತಪಸ್ಸಿನಿಂದ ವಾಲ್ಮೀಕಿಯವರು

ಸಾಧನೆ ಮಾಡಿದ್ದಾರೆ. ಏಕಲವ್ಯ ಹೆಬ್ಬೆರಳು ದಾನ ಮಾಡಿದ್ದಾನೆ. ಶಿವನಿಗೆ ಕಣ್ಣು ಕೊಟ್ಟ ಬೇಡರ ಕಣ್ಣಪ್ಪ, ರಾಮನಿಗೆ ಹಣ್ಣು ನೀಡಿದ ಶಬರಿ ದಾನ ಶ್ರೇಷ್ಠರಾಗಿದ್ದಾರೆ ಎಂದರು.

ಕಾರ್ಯಕ್ರಮದಲ್ಲಿ ಜಿಲ್ಲಾಧಿಕಾರಿಗಳಾದ ನಳಿನ್ ಅತುಲ್, ಜಿಲ್ಲಾ ಪಂಚಾಯತ ಮುಖ್ಯ ಕಾರ್ಯನಿರ್ವಾಹಕ ಅಧಿಕಾರಿ ರಾಹುಲ್ ರತ್ನಂ ಪಾಂಡೆಯ, ಜಿಲ್ಲಾ ಪೊಲೀಸ್ ವರಿಷ್ಠಾಧಿಕಾರಿಗಳಾದ ಡಾ.ರಾಮ್ ಎಲ್ ಅರಸಿದ್ದಿ, ಉಪ ವಿಭಾಗಾಧಿಕಾರಿ, ಕಾವ್ಯ ಚತುರ್ವೇದಿ, ಅಪರ ಜಿಲ್ಲಾಧಿಕಾರಿಗಳಾದ ಸಿದ್ದರಾಮೇಶ್ವರ, ಉಪವಿಭಾಗಾಧಿಕಾರಿಗಳಾದ ಕ್ಯಾಪ್ಟನ್ ಮಹೇಶ್ ಮಾಲಗಿತ್ತಿ, ಕೊಪ್ಪಳ ನಗರಸಭೆ ಸ್ಥಾಯಿ ಸಮಿತಿಯ ಅಧ್ಯಕ್ಷರಾದ ಅಕ್ಬರಪಾಶಾ ಪಾಟೀಲ್, ಸದಸ್ಯರಾದ ವಿರೂಪಾಕ್ಷಪ್ಪ ಮೊರನಾಳ, ಸಮಾಜ ಕಲ್ಯಾಣ ಇಲಾಖೆಯ ಉಪನಿರ್ದೇಶಕರಾದ ರಾಜು ತಳವಾರ, ಸಮಾಜದ ಜಿಲ್ಲಾಧ್ಯಕ್ಷರಾದ ಕೆ.ಎನ್.ಪಾಟೀಲ, ಮುಖಂಡರಾದ ಶರಣಪ್ಪ ನಾಯಕ, ರಾಮಣ್ಣ ಕಲ್ಲನ್ನವರ, ಸುರೇಶ್ ದೊಣ್ಣೆ, ಸೇರಿದಂತೆ ಹಲವು ಗಣ್ಯರು ಹಾಗೂ ಮತ್ತಿತರರು ಉಪಸ್ಥಿತರಿದ್ದರು.

ಸನ್ಮಾನ: ಕಾರ್ಯಕ್ರಮದಲ್ಲಿ ಎಸ್.ಎಸ್.ಎಲ್.ಸಿ., ಪಿಯುಸಿ ಪರೀಕ್ಷೆಯಲ್ಲಿ ಉತ್ತಮ ಅಂಕಗಳನ್ನು ಪಡೆದ ಮತ್ತು ಕ್ರೀಡೆಯಲ್ಲಿ ಸಾಧನೆ ಮಾಡಿದ ವಿದ್ಯಾರ್ಥಿಗಳು ಹಾಗೂ ಗಣ್ಯರಿಗೆ ಸನ್ಮಾನಿಸಲಾಯಿತು.

ಮೆರವಣಿಗೆ: ಜಯಂತಿ ಅಂಗವಾಗಿ ಶ್ರೀ ಮಹರ್ಷಿ ವಾಲ್ಮೀಕಿ ಅವರ ಭಾವಚಿತ್ರದ ಮೆರವಣಿಗೆಯು ನಗರದ ಸಿರಸಪ್ಪಯ್ಯನಮಠದಿಂದ ಆರಂಭಗೊಂಡು ಗಡಿಯಾರಕಂಬದ ಮಾರ್ಗವಾಗಿ ಅಶೋಕ ವೃತ್ತದ ಮೂಲಕ ಸಾಹಿತ್ಯ ಭವನದವರೆಗೆ ಅದ್ದೂರಿಯಾಗಿ ಜರುಗಿತು.

ಅನಾಮಧೇಯ ಮೃತದೇಹ ವಾರಸುದಾರರ ಪತ್ತೆಗೆ ಮನವಿ
ಬಳ್ಳಾರಿ: ನಗರದ ಕೇಂದ್ರ ಶೋರೂಂ ಎದುರುಗಡೆಯ ಲೇಡಿಸ್‌ನ ಕಾಳಿ ಜಾಗ ನಿರ್ಜನ ಪ್ರದೇಶದಲ್ಲಿ ಸುಮಾರು 35-40 ವರ್ಷದ ಅನಾಮಧೇಯ ವ್ಯಕ್ತಿಯ ಮೃತದೇಹ ಅ.15 ರಂದು ಪತ್ತೆಯಾಗಿದ್ದು, ಮೃತನ ವಾರಸುದಾರರ ಪತ್ತೆಗೆ ಸಹಕರಿಸಬೇಕೆಂದು ಬಳ್ಳಾರಿ ಗ್ರಾಮೀಣ ಪೊಲೀಸ್ ಠಾಣೆಯ ಪೊಲೀಸ್ ಇನ್ಸ್‌ಪೆಕ್ಟರ್ ಮನವಿ ಮಾಡಿದ್ದಾರೆ. ಮೃತನ ದೇಹದ ಚಹರೆ ಗುರುತು: ಎತ್ತರ 5 ಅಡಿ 5 ಇಂಚು, ಕೋಲು ಮುಖ, ಗೋಧಿ ಮೈಬಣ್ಣ, ತೆಳುವಾದ ಮೈಕಟ್ಟು, ತಲೆಯಲ್ಲಿ ಕಪ್ಪು ಕೂದಲು, ಮುಂದಿನ ಹಲ್ಲುಗಳು ಇರುವುದಿಲ್ಲ, ಬಲ ಕೈ
ಕಿರುಬೆರಳಿಗೆ ಶಂಕರಾದ ಹಿತ್ತಾಳೆಯಂತಹ ಉಂಗುರ ಇದ್ದು, ಅದರ ಮೇಲೆ ಹಿಂದಿಯಲ್ಲಿ ಓ ಅಕ್ಷರ ಇರುತ್ತದೆ.ಮೃತನ ದೇಹದ ಮೇಲೆ ಲೈಫ್ ಸ್ಟೈಲ್ ಲೇಬಲ್‌ವುಳ್ಳ ನೀಲಿ ಬಿಳಿ ಬಣ್ಣದ ಚೌಕುಳ್ಳ ತುಂಬು ತೋಳಿನ ಶರ್ಟ್, ನೀಲಿ ಬಣ್ಣದ ಟೀ ಬನಿಯನ್ ಮತ್ತು ಕಪ್ಪು ಬಣ್ಣದ ಜೀನ್ಸ್ ಪ್ಯಾಂಟ್ ಧರಿಸಿರುತ್ತಾನೆ. ವಾರಸುದಾರರ ಬಗ್ಗೆ ಮಾಹಿತಿ ಇದ್ದಲ್ಲಿ ಬಳ್ಳಾರಿ ಗ್ರಾಮೀಣ ಪೊಲೀಸ್ ಠಾಣೆ ದೂ.08392-276461, ಮೊ.9480803039, ಬಳ್ಳಾರಿ ಕಂಟ್ರೋಲ್ ರೂಂ ದೂ.08392-258100 ಗೆ ಸಂಪರ್ಕಿಸಬಹುದು ಎಂದು ಪ್ರಕಟಣೆಯಲ್ಲಿ ತಿಳಿಸಿದ್ದಾರೆ.
ಕೊಪ್ಪಳ ವಿವಿ: ಸ್ನಾತಕೋತ್ತರ ಕೋರ್ಸಗಳ ಪ್ರವೇಶಾತಿಗೆ ಅರ್ಜಿ ಆಹ್ವಾನ

ಕೊಪ್ಪಳ : ಕೊಪ್ಪಳ ವಿಶ್ವವಿದ್ಯಾಲಯದಿಂದ 2024-2025ನೇ ಶೈಕ್ಷಣಿಕ ಸಾಲಿನ ಎಂ.ಎ. ಕನ್ನಡ, ಇಂಗ್ಲೀಷ್, ಇತಿಹಾಸ, ರಾಜ್ಯಶಾಸ್ತ್ರ, ಅರ್ಥಶಾಸ್ತ್ರ, ಸಮಾಜಶಾಸ್ತ್ರ, ಪತ್ರಿಕೋದ್ಯಮ, ಎಂ.ಕಾಂ. ಹಾಗೂ ಎಂ.ಎಸ್ಸಿ ಭೌತಶಾಸ್ತ್ರ, ರಸಾಯನಶಾಸ್ತ್ರ ಮತ್ತು ಗಣಿತಶಾಸ್ತ್ರ ಕೋರ್ಸಗಳಿಗೆ ಕೊಪ್ಪಳ ವಿಶ್ವವಿದ್ಯಾಲಯದ ಅಧೀನದ ಸರ್ಕಾರಿ, ಖಾಸಗಿ, ಅನುದಾನಿತ ಮತ್ತು ಅನುದಾನರಹಿತ ಪ್ರಥಮ ದರ್ಜೆ ಕಾಲೇಜುಗಳಲ್ಲಿ ಪ್ರವೇಶಾತಿಗಾಗಿ ಯುಯುಸಿಎಂಎಸ್ ತಂತ್ರಾಂಶದ ಮುಖಾಂತರ ಅರ್ಜಿ ಆಹ್ವಾನಿಸಲಾಗಿದೆ. ಆಸಕ್ತಿಯುಳ್ಳ ಅರ್ಹ ವಿದ್ಯಾರ್ಥಿಗಳು

ಯುಯುಸಿಎಂಎಸ್ (https://uucms. karnataka.gov.in/) ಪೋರ್ಟಲ್ ಮೂಲಕ ಆನ್‌ಲೈನ್ ಅರ್ಜಿ ಸಲ್ಲಿಸಬಹುದಾಗಿದೆ. ಅರ್ಜಿ ಸಲ್ಲಿಸಲು ಅಕ್ಟೋಬರ್ 30 ಕೊನೆಯ ದಿನವಾಗಿದ್ದು, ಅರ್ಜಿ ಸಲ್ಲಿಕೆ ವಿಧಾನ ಹಾಗೂ ಅರ್ಜಿ ಗಳನ್ನು ಸಲ್ಲಿಸಲು ಬೇಕಾಗಿರುವ ಮಾನದಂಡಗಳಿಗೆ ಸಂಬಂಧಿಸಿದ ಮಾಹಿತಿ ತಿಳಿಯಲು ವಿಶ್ವವಿದ್ಯಾಲಯದ ಜಾಲತಾಣ www.koppaluniversity.ac.in ಭೇಟಿ ನೀಡಿ ಅಥವಾ ಪ್ರವೇಶಾತಿ ಪಡೆಯಬಯಸುವ ಕಾಲೇಜುಗಳಿಗೆ ನೇರವಾಗಿ
